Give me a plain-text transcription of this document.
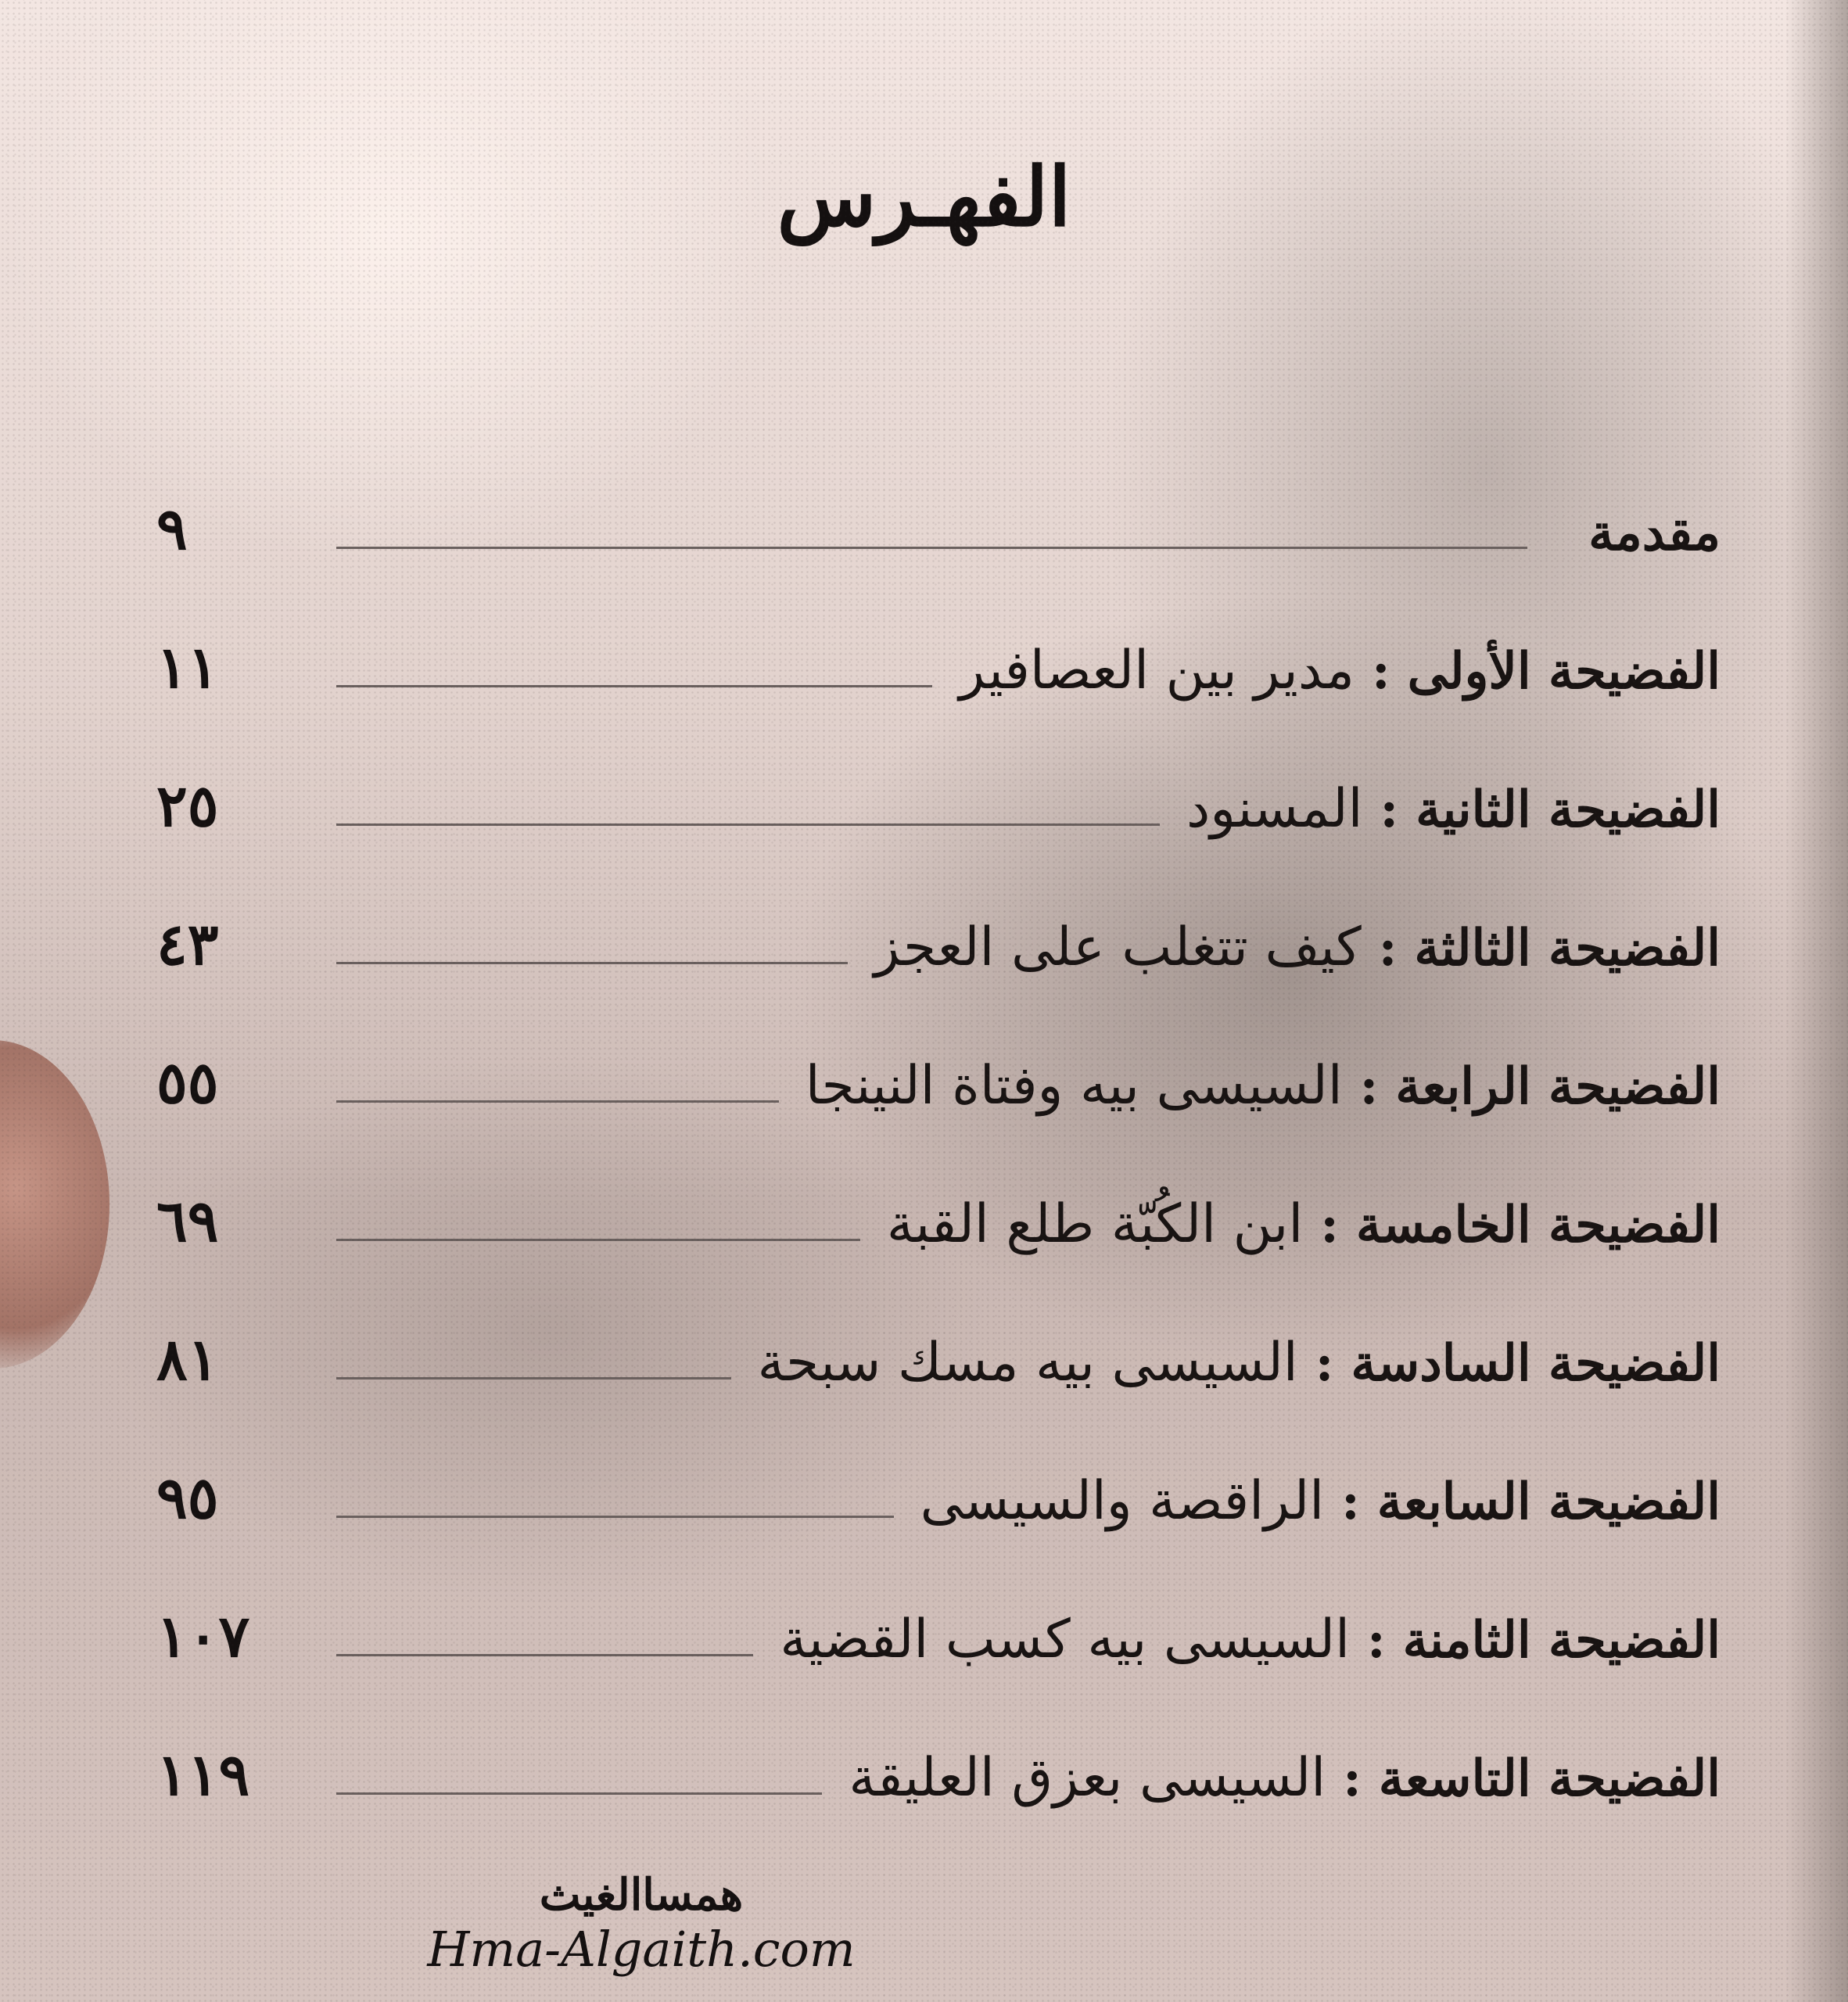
الفهـرس
مقدمة
٩
الفضيحة الأولى:مدير بين العصافير
١١
الفضيحة الثانية:المسنود
٢٥
الفضيحة الثالثة:كيف تتغلب على العجز
٤٣
الفضيحة الرابعة:السيسى بيه وفتاة النينجا
٥٥
الفضيحة الخامسة:ابن الكُبّة طلع القبة
٦٩
الفضيحة السادسة:السيسى بيه مسك سبحة
٨١
الفضيحة السابعة:الراقصة والسيسى
٩٥
الفضيحة الثامنة:السيسى بيه كسب القضية
١٠٧
الفضيحة التاسعة:السيسى بعزق العليقة
١١٩
همساالغيث
Hma-Algaith.com
